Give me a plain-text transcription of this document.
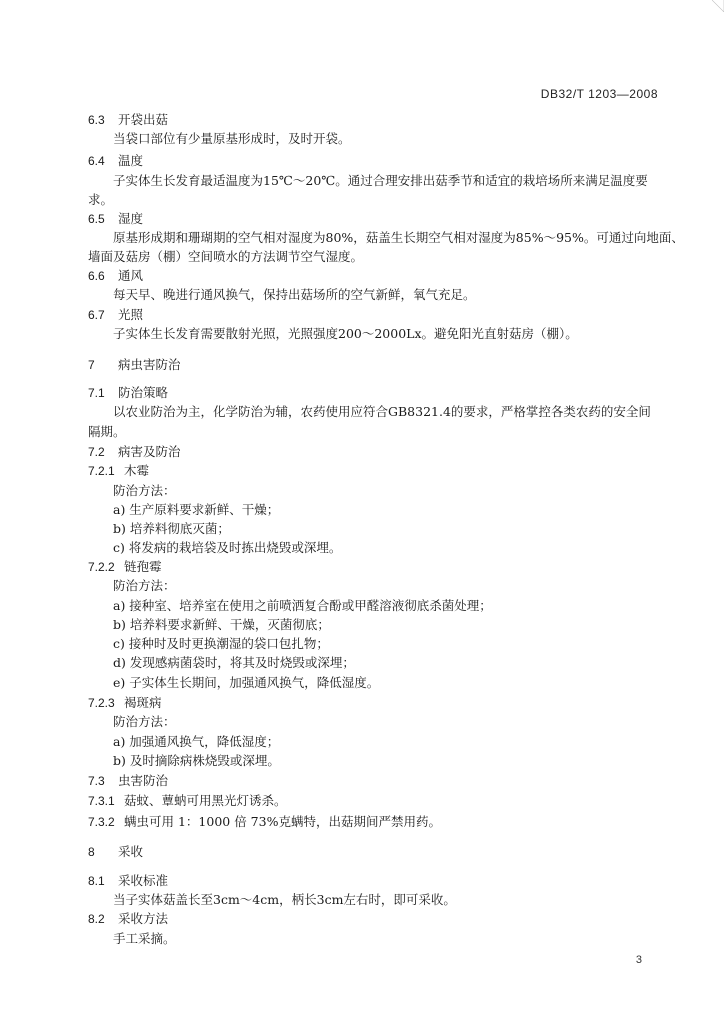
DB32/T 1203—2008
6.3 开袋出菇
当袋口部位有少量原基形成时，及时开袋。
6.4 温度
子实体生长发育最适温度为15℃～20℃。通过合理安排出菇季节和适宜的栽培场所来满足温度要
求。
6.5 湿度
原基形成期和珊瑚期的空气相对湿度为80%，菇盖生长期空气相对湿度为85%～95%。可通过向地面、
墙面及菇房（棚）空间喷水的方法调节空气湿度。
6.6 通风
每天早、晚进行通风换气，保持出菇场所的空气新鲜，氧气充足。
6.7 光照
子实体生长发育需要散射光照，光照强度200～2000Lx。避免阳光直射菇房（棚）。
7 病虫害防治
7.1 防治策略
以农业防治为主，化学防治为辅，农药使用应符合GB8321.4的要求，严格掌控各类农药的安全间
隔期。
7.2 病害及防治
7.2.1 木霉
防治方法：
a) 生产原料要求新鲜、干燥；
b) 培养料彻底灭菌；
c) 将发病的栽培袋及时拣出烧毁或深埋。
7.2.2 链孢霉
防治方法：
a) 接种室、培养室在使用之前喷洒复合酚或甲醛溶液彻底杀菌处理；
b) 培养料要求新鲜、干燥，灭菌彻底；
c) 接种时及时更换潮湿的袋口包扎物；
d) 发现感病菌袋时，将其及时烧毁或深埋；
e) 子实体生长期间，加强通风换气，降低湿度。
7.2.3 褐斑病
防治方法：
a) 加强通风换气，降低湿度；
b) 及时摘除病株烧毁或深埋。
7.3 虫害防治
7.3.1 菇蚊、蕈蚋可用黑光灯诱杀。
7.3.2 螨虫可用 1：1000 倍 73%克螨特，出菇期间严禁用药。
8 采收
8.1 采收标准
当子实体菇盖长至3cm～4cm，柄长3cm左右时，即可采收。
8.2 采收方法
手工采摘。
3
